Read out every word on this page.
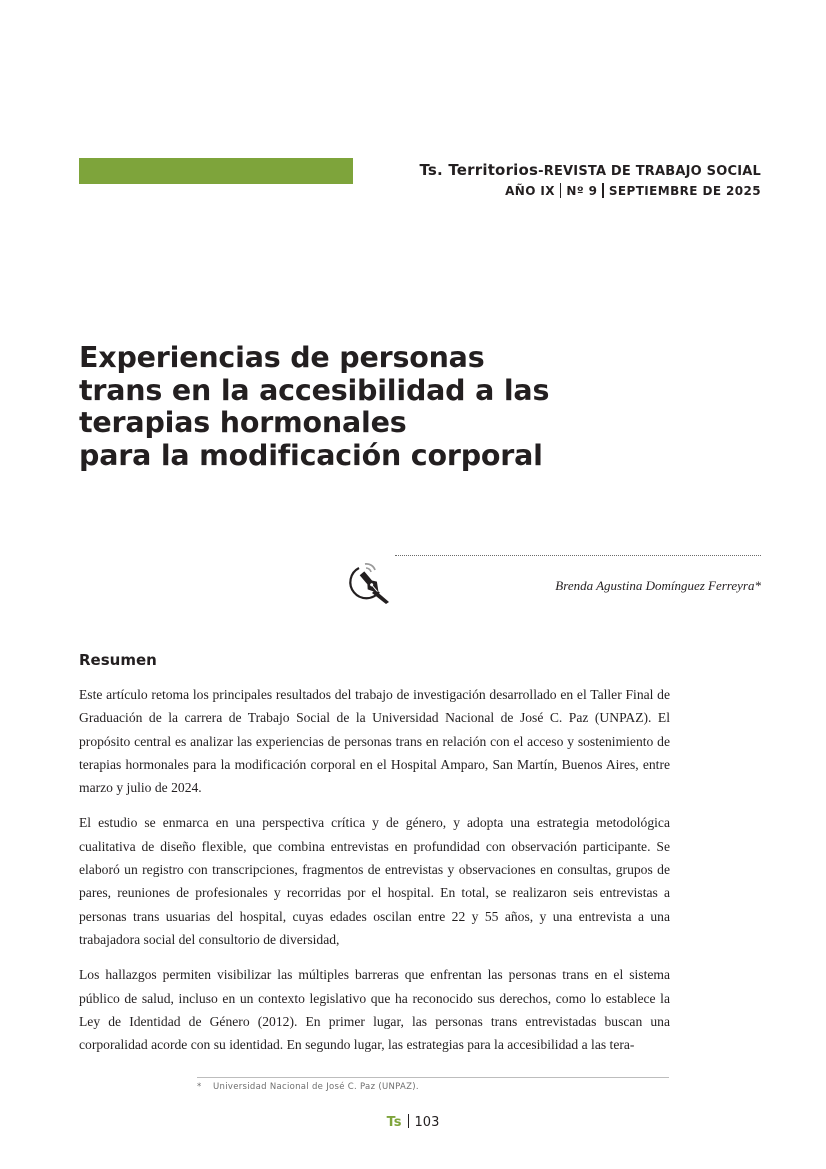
Ts. Territorios-REVISTA DE TRABAJO SOCIAL
AÑO IX Nº 9 SEPTIEMBRE DE 2025
Experiencias de personas
trans en la accesibilidad a las
terapias hormonales
para la modificación corporal
Brenda Agustina Domínguez Ferreyra*
Resumen

Este artículo retoma los principales resultados del trabajo de investigación desarrollado en el Taller Final de Graduación de la carrera de Trabajo Social de la Universidad Nacional de José C. Paz (UNPAZ). El propósito central es analizar las experiencias de personas trans en relación con el acceso y sostenimiento de terapias hormonales para la modificación corporal en el Hospital Amparo, San Martín, Buenos Aires, entre marzo y julio de 2024.

El estudio se enmarca en una perspectiva crítica y de género, y adopta una estrategia metodológica cualitativa de diseño flexible, que combina entrevistas en profundidad con observación participante. Se elaboró un registro con transcripciones, fragmentos de entrevistas y observaciones en consultas, grupos de pares, reuniones de profesionales y recorridas por el hospital. En total, se realizaron seis entrevistas a personas trans usuarias del hospital, cuyas edades oscilan entre 22 y 55 años, y una entrevista a una trabajadora social del consultorio de diversidad,

Los hallazgos permiten visibilizar las múltiples barreras que enfrentan las personas trans en el sistema público de salud, incluso en un contexto legislativo que ha reconocido sus derechos, como lo establece la Ley de Identidad de Género (2012). En primer lugar, las personas trans entrevistadas buscan una corporalidad acorde con su identidad. En segundo lugar, las estrategias para la accesibilidad a las tera-

* Universidad Nacional de José C. Paz (UNPAZ).
Ts 103
